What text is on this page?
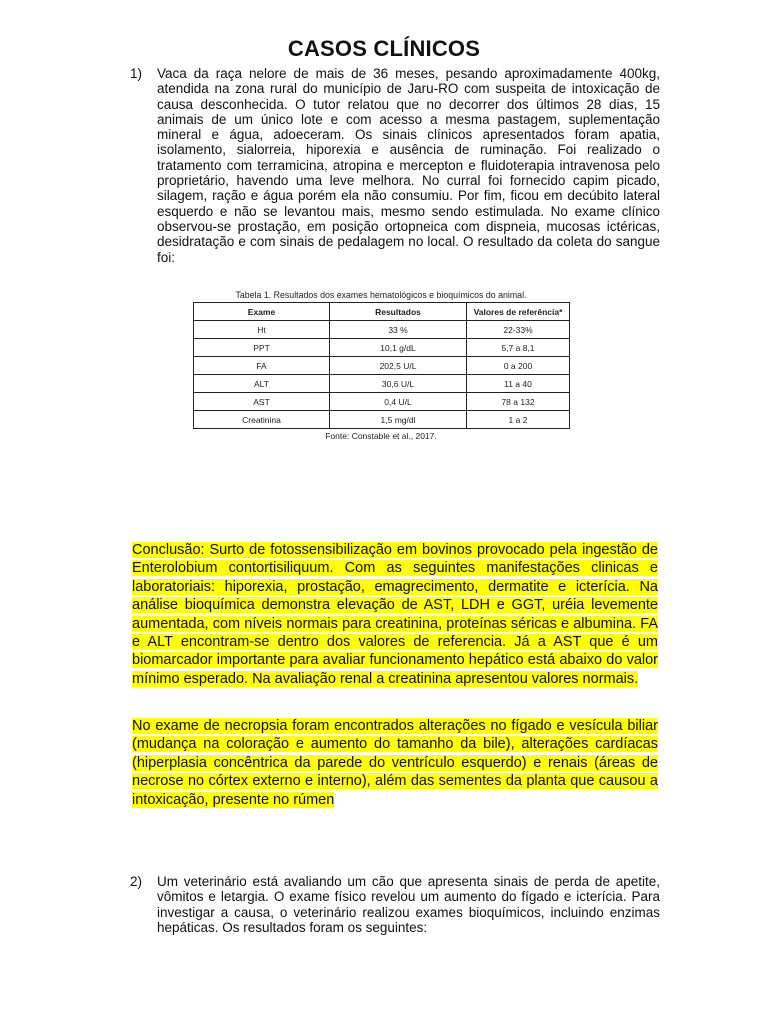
CASOS CLÍNICOS
1) Vaca da raça nelore de mais de 36 meses, pesando aproximadamente 400kg, atendida na zona rural do município de Jaru-RO com suspeita de intoxicação de causa desconhecida. O tutor relatou que no decorrer dos últimos 28 dias, 15 animais de um único lote e com acesso a mesma pastagem, suplementação mineral e água, adoeceram. Os sinais clínicos apresentados foram apatia, isolamento, sialorreia, hiporexia e ausência de ruminação. Foi realizado o tratamento com terramicina, atropina e mercepton e fluidoterapia intravenosa pelo proprietário, havendo uma leve melhora. No curral foi fornecido capim picado, silagem, ração e água porém ela não consumiu. Por fim, ficou em decúbito lateral esquerdo e não se levantou mais, mesmo sendo estimulada. No exame clínico observou-se prostação, em posição ortopneica com dispneia, mucosas ictéricas, desidratação e com sinais de pedalagem no local. O resultado da coleta do sangue foi:
Tabela 1. Resultados dos exames hematológicos e bioquímicos do animal.
Exame	Resultados	Valores de referência*
Ht	33 %	22-33%
PPT	10,1 g/dL	5,7 a 8,1
FA	202,5 U/L	0 a 200
ALT	30,6 U/L	11 a 40
AST	0,4 U/L	78 a 132
Creatinina	1,5 mg/dl	1 a 2
Fonte: Constable et al., 2017.
Conclusão: Surto de fotossensibilização em bovinos provocado pela ingestão de Enterolobium contortisiliquum. Com as seguintes manifestações clinicas e laboratoriais: hiporexia, prostação, emagrecimento, dermatite e icterícia. Na análise bioquímica demonstra elevação de AST, LDH e GGT, uréia levemente aumentada, com níveis normais para creatinina, proteínas séricas e albumina. FA e ALT encontram-se dentro dos valores de referencia. Já a AST que é um biomarcador importante para avaliar funcionamento hepático está abaixo do valor mínimo esperado. Na avaliação renal a creatinina apresentou valores normais.
No exame de necropsia foram encontrados alterações no fígado e vesícula biliar (mudança na coloração e aumento do tamanho da bile), alterações cardíacas (hiperplasia concêntrica da parede do ventrículo esquerdo) e renais (áreas de necrose no córtex externo e interno), além das sementes da planta que causou a intoxicação, presente no rúmen
2) Um veterinário está avaliando um cão que apresenta sinais de perda de apetite, vômitos e letargia. O exame físico revelou um aumento do fígado e icterícia. Para investigar a causa, o veterinário realizou exames bioquímicos, incluindo enzimas hepáticas. Os resultados foram os seguintes:
